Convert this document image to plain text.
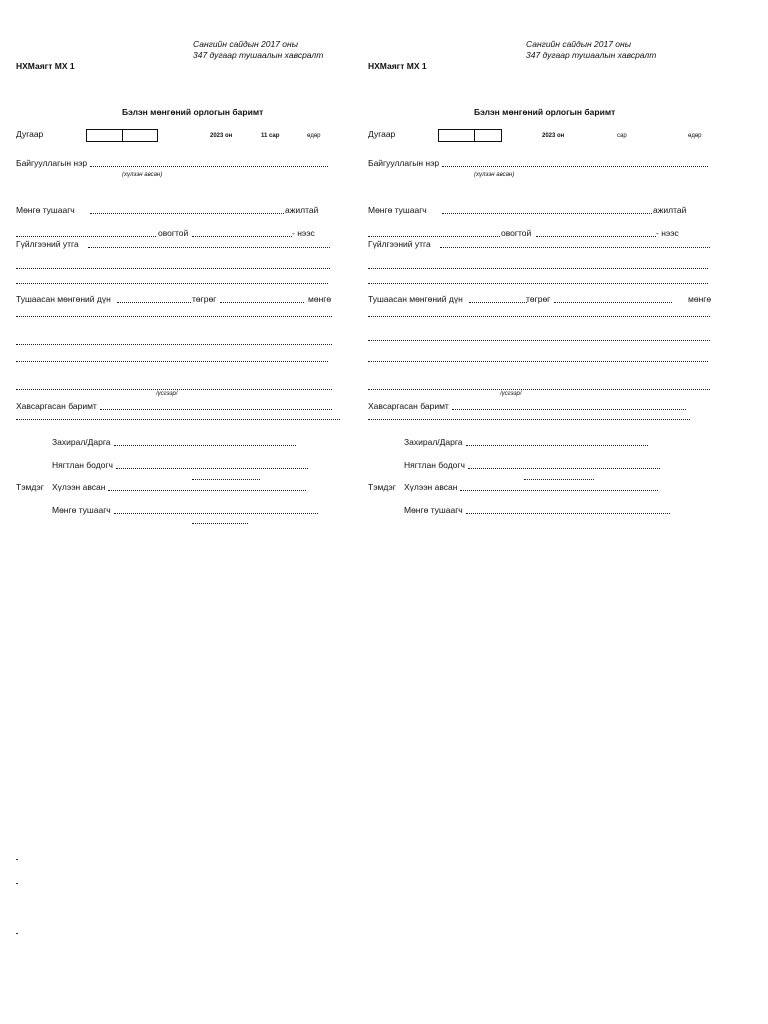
Сангийн сайдын 2017 оны
347 дугаар тушаалын хавсралт
НХМаягт МХ 1
Бэлэн мөнгөний орлогын баримт
Дугаар	2023 он	11 сар	өдөр
Байгууллагын нэр
(хүлээн авсан)
Мөнгө тушаагч	ажилтай
овогтой	- нээс
Гүйлгээний утга
Тушаасан мөнгөний дүн	төгрөг	мөнгө
/үсгээр/
Хавсаргасан баримт
Захирал/Дарга
Нягтлан бодогч
Тэмдэг Хүлээн авсан
Мөнгө тушаагч
Сангийн сайдын 2017 оны
347 дугаар тушаалын хавсралт
НХМаягт МХ 1
Бэлэн мөнгөний орлогын баримт
Дугаар	2023 он	сар	өдөр
Байгууллагын нэр
(хүлээн авсан)
Мөнгө тушаагч	ажилтай
овогтой	- нээс
Гүйлгээний утга
Тушаасан мөнгөний дүн	төгрөг	мөнгө
/үсгээр/
Хавсаргасан баримт
Захирал/Дарга
Нягтлан бодогч
Тэмдэг Хүлээн авсан
Мөнгө тушаагч
